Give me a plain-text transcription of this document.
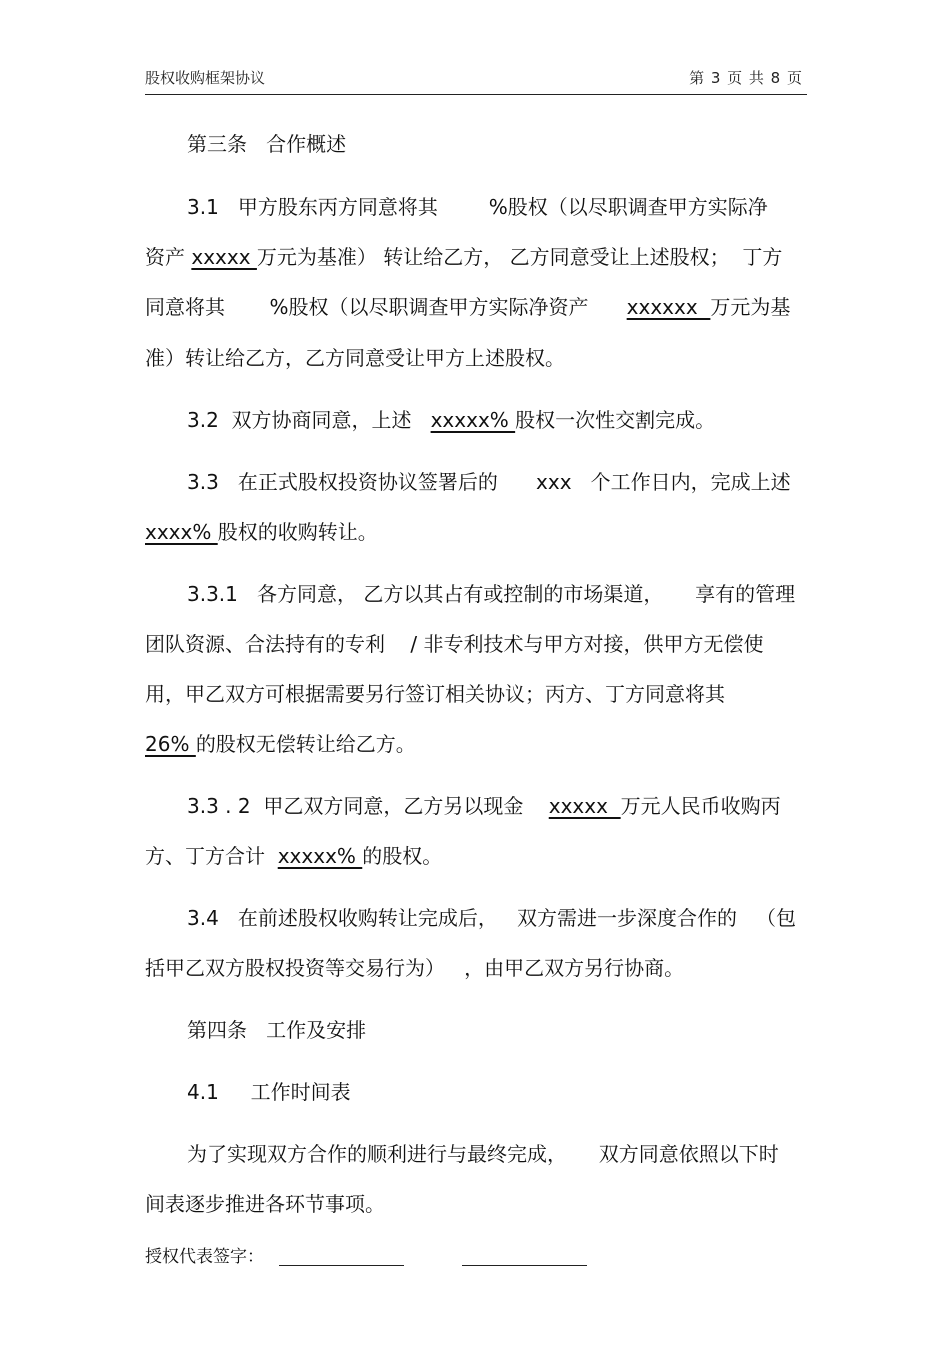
股权收购框架协议	第 3 页 共 8 页
第三条   合作概述
3.1   甲方股东丙方同意将其        %股权（以尽职调查甲方实际净
资产 xxxxx 万元为基准） 转让给乙方， 乙方同意受让上述股权；  丁方
同意将其       %股权（以尽职调查甲方实际净资产      xxxxxx  万元为基
准）转让给乙方，乙方同意受让甲方上述股权。
3.2  双方协商同意，上述   xxxxx% 股权一次性交割完成。
3.3   在正式股权投资协议签署后的      xxx   个工作日内，完成上述
xxxx% 股权的收购转让。
3.3.1   各方同意， 乙方以其占有或控制的市场渠道，     享有的管理
团队资源、合法持有的专利    / 非专利技术与甲方对接，供甲方无偿使
用，甲乙双方可根据需要另行签订相关协议；丙方、丁方同意将其
26% 的股权无偿转让给乙方。
3.3 . 2  甲乙双方同意，乙方另以现金    xxxxx  万元人民币收购丙
方、丁方合计  xxxxx% 的股权。
3.4   在前述股权收购转让完成后，   双方需进一步深度合作的   （包
括甲乙双方股权投资等交易行为）   ，由甲乙双方另行协商。
第四条   工作及安排
4.1     工作时间表
为了实现双方合作的顺利进行与最终完成，     双方同意依照以下时
间表逐步推进各环节事项。
授权代表签字：
